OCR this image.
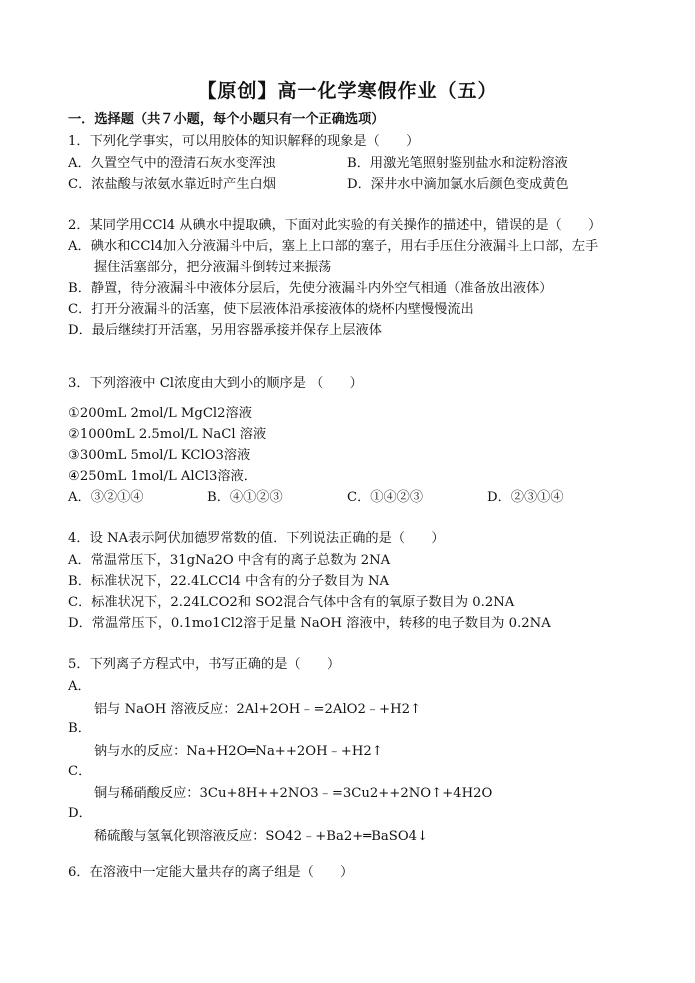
【原创】高一化学寒假作业（五）
一．选择题（共７小题，每个小题只有一个正确选项）
1．下列化学事实，可以用胶体的知识解释的现象是（　　）
A．久置空气中的澄清石灰水变浑浊	B．用激光笔照射鉴别盐水和淀粉溶液
C．浓盐酸与浓氨水靠近时产生白烟	D．深井水中滴加氯水后颜色变成黄色
2．某同学用CCl4 从碘水中提取碘，下面对此实验的有关操作的描述中，错误的是（　　）
A．碘水和CCl4加入分液漏斗中后，塞上上口部的塞子，用右手压住分液漏斗上口部，左手
握住活塞部分，把分液漏斗倒转过来振荡
B．静置，待分液漏斗中液体分层后，先使分液漏斗内外空气相通（准备放出液体）
C．打开分液漏斗的活塞，使下层液体沿承接液体的烧杯内壁慢慢流出
D．最后继续打开活塞，另用容器承接并保存上层液体
3．下列溶液中 Cl浓度由大到小的顺序是 （　　）
①200mL 2mol/L MgCl2溶液
②1000mL 2.5mol/L NaCl 溶液
③300mL 5mol/L KClO3溶液
④250mL 1mol/L AlCl3溶液．
A．③②①④	B．④①②③	C．①④②③	D．②③①④
4．设 NA表示阿伏加德罗常数的值．下列说法正确的是（　　）
A．常温常压下，31gNa2O 中含有的离子总数为 2NA
B．标准状况下，22.4LCCl4 中含有的分子数目为 NA
C．标准状况下，2.24LCO2和 SO2混合气体中含有的氧原子数目为 0.2NA
D．常温常压下，0.1mo1Cl2溶于足量 NaOH 溶液中，转移的电子数目为 0.2NA
5．下列离子方程式中，书写正确的是（　　）
A．
铝与 NaOH 溶液反应：2Al+2OH﹣=2AlO2﹣+H2↑
B．
钠与水的反应：Na+H2O═Na++2OH﹣+H2↑
C．
铜与稀硝酸反应：3Cu+8H++2NO3﹣=3Cu2++2NO↑+4H2O
D．
稀硫酸与氢氧化钡溶液反应：SO42﹣+Ba2+═BaSO4↓
6．在溶液中一定能大量共存的离子组是（　　）
